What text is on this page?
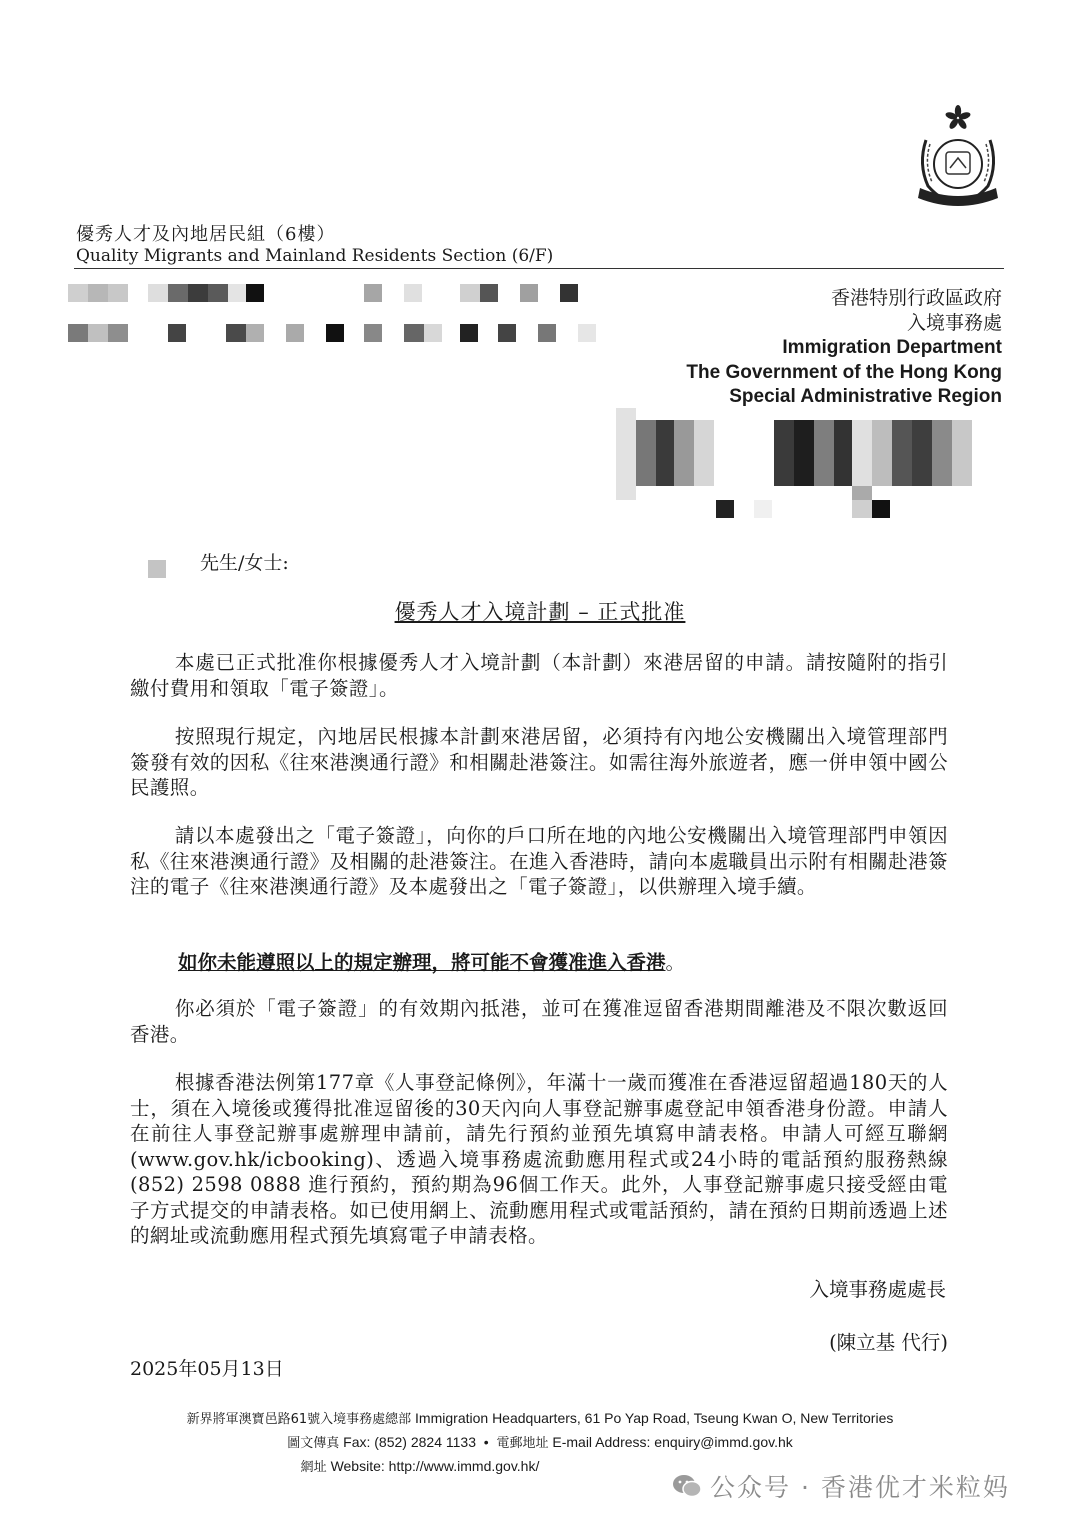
優秀人才及內地居民組（6樓）
Quality Migrants and Mainland Residents Section (6/F)
香港特別行政區政府
入境事務處
Immigration Department
The Government of the Hong Kong
Special Administrative Region
先生/女士:
優秀人才入境計劃 – 正式批准
本處已正式批准你根據優秀人才入境計劃（本計劃）來港居留的申請。請按隨附的指引繳付費用和領取「電子簽證」。
按照現行規定，內地居民根據本計劃來港居留，必須持有內地公安機關出入境管理部門簽發有效的因私《往來港澳通行證》和相關赴港簽注。如需往海外旅遊者，應一併申領中國公民護照。
請以本處發出之「電子簽證」，向你的戶口所在地的內地公安機關出入境管理部門申領因私《往來港澳通行證》及相關的赴港簽注。在進入香港時，請向本處職員出示附有相關赴港簽注的電子《往來港澳通行證》及本處發出之「電子簽證」，以供辦理入境手續。
如你未能遵照以上的規定辦理，將可能不會獲准進入香港。
你必須於「電子簽證」的有效期內抵港，並可在獲准逗留香港期間離港及不限次數返回香港。
根據香港法例第177章《人事登記條例》，年滿十一歲而獲准在香港逗留超過180天的人士，須在入境後或獲得批准逗留後的30天內向人事登記辦事處登記申領香港身份證。申請人在前往人事登記辦事處辦理申請前，請先行預約並預先填寫申請表格。申請人可經互聯網　(www.gov.hk/icbooking)、透過入境事務處流動應用程式或24小時的電話預約服務熱線 (852) 2598 0888 進行預約，預約期為96個工作天。此外，人事登記辦事處只接受經由電子方式提交的申請表格。如已使用網上、流動應用程式或電話預約，請在預約日期前透過上述的網址或流動應用程式預先填寫電子申請表格。
入境事務處處長
(陳立基 代行)
2025年05月13日
新界將軍澳寶邑路61號入境事務處總部 Immigration Headquarters, 61 Po Yap Road, Tseung Kwan O, New Territories
圖文傳真 Fax: (852) 2824 1133 • 電郵地址 E-mail Address: enquiry@immd.gov.hk
網址 Website: http://www.immd.gov.hk/
公众号 · 香港优才米粒妈
